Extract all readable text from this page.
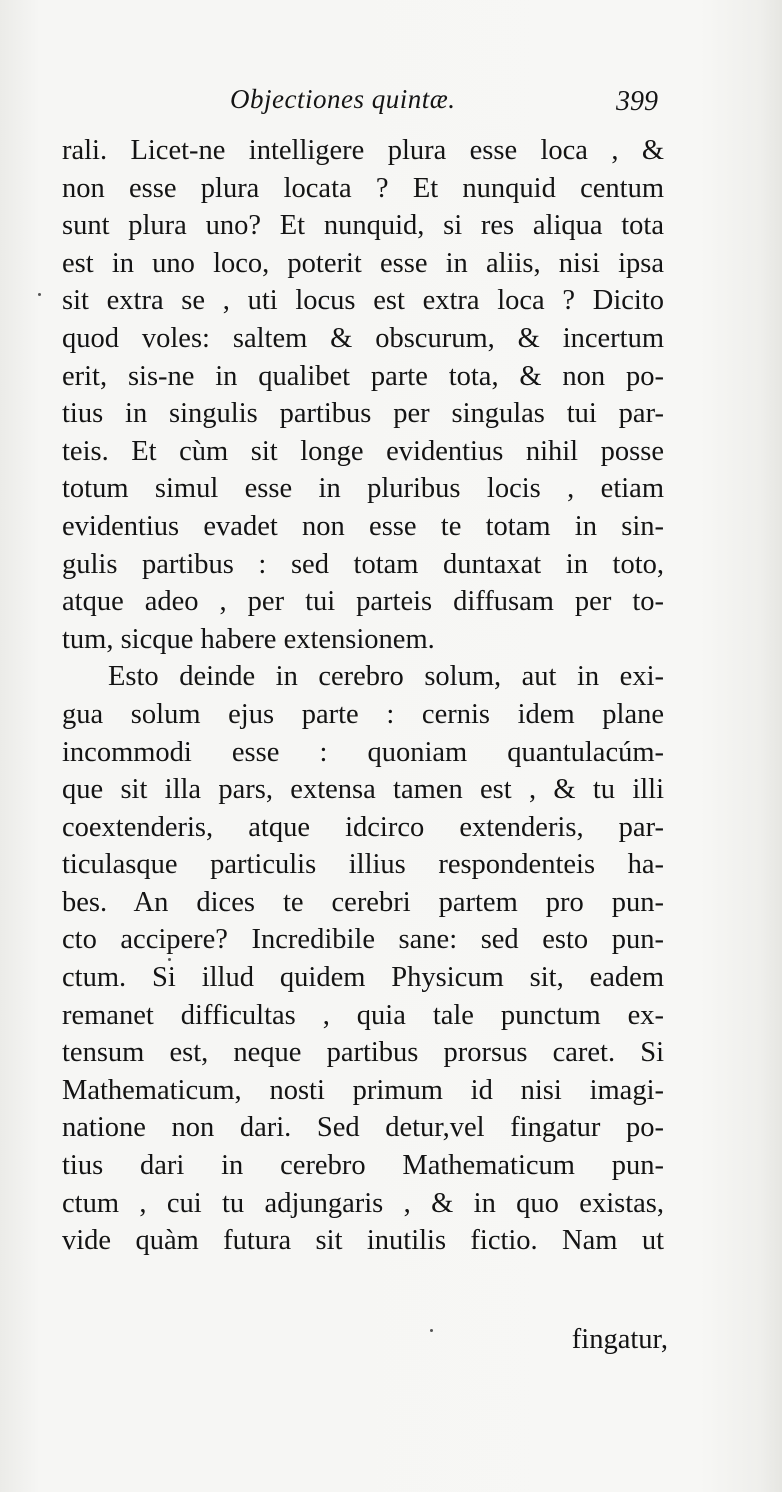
Objectiones quintæ.	399
rali. Licet-ne intelligere plura esse loca , &
non esse plura locata ? Et nunquid centum
sunt plura uno? Et nunquid, si res aliqua tota
est in uno loco, poterit esse in aliis, nisi ipsa
sit extra se , uti locus est extra loca ? Dicito
quod voles: saltem & obscurum, & incertum
erit, sis-ne in qualibet parte tota, & non po-
tius in singulis partibus per singulas tui par-
teis. Et cùm sit longe evidentius nihil posse
totum simul esse in pluribus locis , etiam
evidentius evadet non esse te totam in sin-
gulis partibus : sed totam duntaxat in toto,
atque adeo , per tui parteis diffusam per to-
tum, sicque habere extensionem.
Esto deinde in cerebro solum, aut in exi-
gua solum ejus parte : cernis idem plane
incommodi esse : quoniam quantulacúm-
que sit illa pars, extensa tamen est , & tu illi
coextenderis, atque idcirco extenderis, par-
ticulasque particulis illius respondenteis ha-
bes. An dices te cerebri partem pro pun-
cto accipere? Incredibile sane: sed esto pun-
ctum. Si illud quidem Physicum sit, eadem
remanet difficultas , quia tale punctum ex-
tensum est, neque partibus prorsus caret. Si
Mathematicum, nosti primum id nisi imagi-
natione non dari. Sed detur,vel fingatur po-
tius dari in cerebro Mathematicum pun-
ctum , cui tu adjungaris , & in quo existas,
vide quàm futura sit inutilis fictio. Nam ut
fingatur,
